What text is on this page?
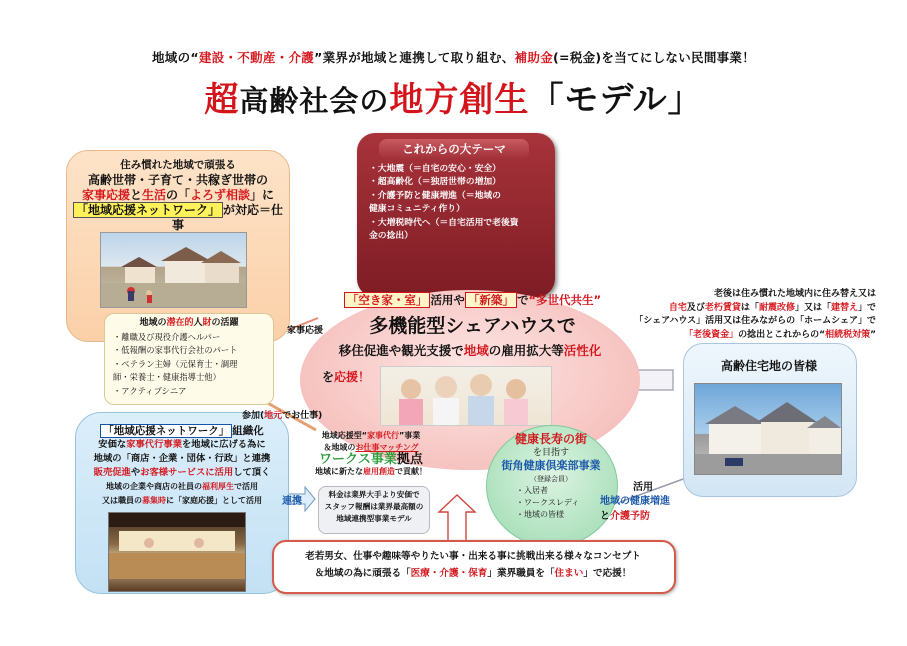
地域の“建設・不動産・介護”業界が地域と連携して取り組む、補助金(=税金)を当てにしない民間事業！
超高齢社会の地方創生「モデル」
これからの大テーマ
・大地震（＝自宅の安心・安全）
・超高齢化（＝独居世帯の増加）
・介護予防と健康増進（＝地域の
健康コミュニティ作り）
・大増税時代へ（＝自宅活用で老後資
金の捻出）
住み慣れた地域で頑張る
高齢世帯・子育て・共稼ぎ世帯の
家事応援と生活の「よろず相談」に
「地域応援ネットワーク」 が対応＝仕事
地域の潜在的人財の活躍
・離職及び現役介護ヘルパー
・低報酬の家事代行会社のパート
・ベテラン主婦（元保育士・調理
師・栄養士・健康指導士他）
・アクティブシニア
「地域応援ネットワーク」 組織化
安価な家事代行事業を地域に広げる為に
地域の「商店・企業・団体・行政」と連携
販売促進やお客様サービスに活用して頂く
地域の企業や商店の社員の福利厚生で活用
又は職員の募集時に「家庭応援」として活用
老後は住み慣れた地域内に住み替え又は
自宅及び老朽賃貸は「耐震改修」又は「建替え」で
「シェアハウス」活用又は住みながらの「ホームシェア」で
「老後資金」の捻出とこれからの“相続税対策”
高齢住宅地の皆様
「空き家・室」 活用や 「新築」 で“多世代共生”
多機能型シェアハウスで
移住促進や観光支援で地域の雇用拡大等活性化
を応援！
家事応援
参加(地元でお仕事)
連携
活用
地域応援型“家事代行”事業
＆地域のお仕事マッチング
ワークス事業拠点
地域に新たな雇用創造で貢献！
料金は業界大手より安価で
スタッフ報酬は業界最高額の
地域連携型事業モデル
健康長寿の街
を目指す
街角健康倶楽部事業
（登録会員）
・入居者
・ワークスレディ
・地域の皆様
地域の健康増進
と介護予防
老若男女、仕事や趣味等やりたい事・出来る事に挑戦出来る様々なコンセプト
＆地域の為に頑張る「医療・介護・保育」業界職員を「住まい」で応援！
